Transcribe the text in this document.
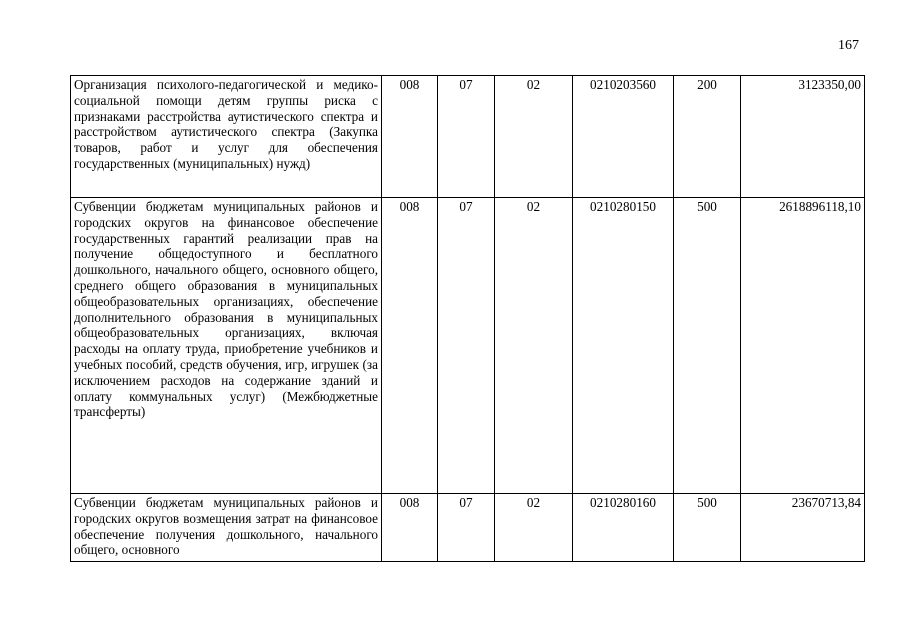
167
Организация психолого-педагогической и медико-социальной помощи детям группы риска с признаками расстройства аутистического спектра и расстройством аутистического спектра (Закупка товаров, работ и услуг для обеспечения государственных (муниципальных) нужд)	008	07	02	0210203560	200	3123350,00
Субвенции бюджетам муниципальных районов и городских округов на финансовое обеспечение государственных гарантий реализации прав на получение общедоступного и бесплатного дошкольного, начального общего, основного общего, среднего общего образования в муниципальных общеобразовательных организациях, обеспечение дополнительного образования в муниципальных общеобразовательных организациях, включая расходы на оплату труда, приобретение учебников и учебных пособий, средств обучения, игр, игрушек (за исключением расходов на содержание зданий и оплату коммунальных услуг) (Межбюджетные трансферты)	008	07	02	0210280150	500	2618896118,10
Субвенции бюджетам муниципальных районов и городских округов возмещения затрат на финансовое обеспечение получения дошкольного, начального общего, основного	008	07	02	0210280160	500	23670713,84
